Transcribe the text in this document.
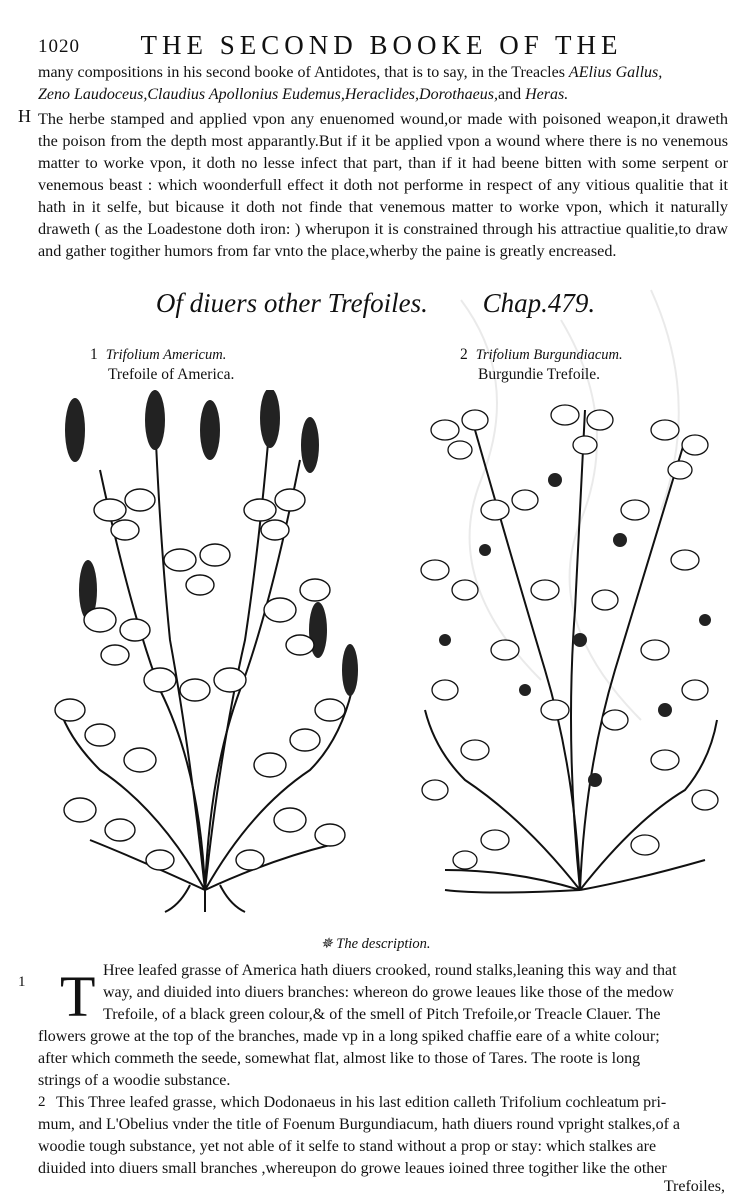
1020	THE SECOND BOOKE OF THE
many compositions in his second booke of Antidotes, that is to say, in the Treacles AElius Gallus,
Zeno Laudoceus,Claudius Apollonius Eudemus,Heraclides,Dorothaeus,and Heras.
H The herbe stamped and applied vpon any enuenomed wound,or made with poisoned weapon,it draweth the poison from the depth most apparantly.But if it be applied vpon a wound where there is no venemous matter to worke vpon, it doth no lesse infect that part, than if it had beene bitten with some serpent or venemous beast : which woonderfull effect it doth not performe in respect of any vitious qualitie that it hath in it selfe, but bicause it doth not finde that venemous matter to worke vpon, which it naturally draweth ( as the Loadestone doth iron: ) wherupon it is constrained through his attractiue qualitie,to draw and gather togither humors from far vnto the place,wherby the paine is greatly encreased.
Of diuers other Trefoiles. Chap.479.
1 Trifolium Americum.
Trefoile of America.
2 Trifolium Burgundiacum.
Burgundie Trefoile.
✵ The description.
1 T Hree leafed grasse of America hath diuers crooked, round stalks,leaning this way and that
way, and diuided into diuers branches: whereon do growe leaues like those of the medow
Trefoile, of a black green colour,& of the smell of Pitch Trefoile,or Treacle Clauer. The
flowers growe at the top of the branches, made vp in a long spiked chaffie eare of a white colour;
after which commeth the seede, somewhat flat, almost like to those of Tares. The roote is long
strings of a woodie substance.
2 This Three leafed grasse, which Dodonaeus in his last edition calleth Trifolium cochleatum pri-
mum, and L'Obelius vnder the title of Foenum Burgundiacum, hath diuers round vpright stalkes,of a
woodie tough substance, yet not able of it selfe to stand without a prop or stay: which stalkes are
diuided into diuers small branches ,whereupon do growe leaues ioined three togither like the other
Trefoiles,
